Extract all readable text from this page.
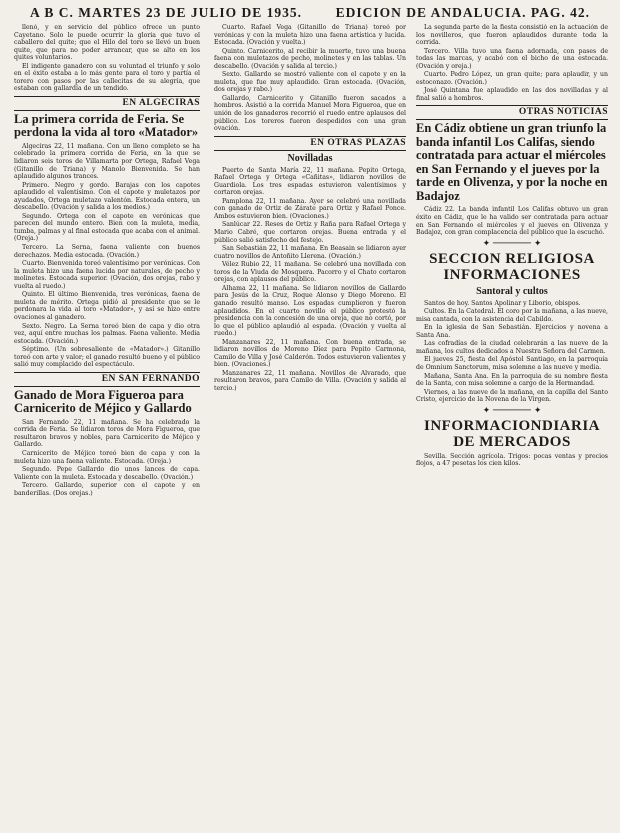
A B C. MARTES 23 DE JULIO DE 1935. EDICION DE ANDALUCIA. PAG. 42.

llenó, y en servicio del público ofrece un punto Cayetano. Solo le puede ocurrir la gloria que tuvo el caballero del quite; que el Hilo del toro se llevó un buen quite, que para no poder arrancar, que se alto en los quites voluntarios.

El indigente ganadero con su voluntad el triunfo y solo en el éxito estaba a lo más gente para el toro y partía el torero con pasos por las callecitas de su alegría, que estaban con gallardía de un tendido.

EN ALGECIRAS
La primera corrida de Feria. Se perdona la vida al toro «Matador»

Algeciras 22, 11 mañana. Con un lleno completo se ha celebrado la primera corrida de Feria, en la que se lidiaron seis toros de Villamarta por Ortega, Rafael Vega (Gitanillo de Triana) y Manolo Bienvenida. Se han aplaudido algunos trances.

Primero. Negro y gordo. Barajas con los capotes aplaudido el valentísimo. Con el capote y muletazos por ayudados, Ortega muletazo valentón. Estocada entera, un descabello. (Ovación y salida a los medios.)

Segundo. Ortega con el capote en verónicas que parecen del mundo entero. Bien con la muleta, media, tumba, palmas y al final estocada que acaba con el animal. (Oreja.)

Tercero. La Serna, faena valiente con buenos derechazos. Media estocada. (Ovación.)

Cuarto. Bienvenida toreó valentísimo por verónicas. Con la muleta hizo una faena lucida por naturales, de pecho y molinetes. Estocada superior. (Ovación, dos orejas, rabo y vuelta al ruedo.)

Quinto. El último Bienvenida, tres verónicas, faena de muleta de mérito. Ortega pidió al presidente que se le perdonara la vida al toro «Matador», y así se hizo entre ovaciones al ganadero.

Sexto. Negro. La Serna toreó bien de capa y dio otra vez, aquí entre muchas los palmas. Faena valiente. Media estocada. (Ovación.)

Séptimo. (Un sobresaliente de «Matador».) Gitanillo toreó con arte y valor; el ganado resultó bueno y el público salió muy complacido del espectáculo.

EN SAN FERNANDO
Ganado de Mora Figueroa para Carnicerito de Méjico y Gallardo

San Fernando 22, 11 mañana. Se ha celebrado la corrida de Feria. Se lidiaron toros de Mora Figueroa, que resultaron bravos y nobles, para Carnicerito de Méjico y Gallardo.

Carnicerito de Méjico toreó bien de capa y con la muleta hizo una faena valiente. Estocada. (Oreja.)

Segundo. Pepe Gallardo dio unos lances de capa. Valiente con la muleta. Estocada y descabello. (Ovación.)

Tercero. Gallardo, superior con el capote y en banderillas. (Dos orejas.)

Cuarto. Rafael Vega (Gitanillo de Triana) toreó por verónicas y con la muleta hizo una faena artística y lucida. Estocada. (Ovación y vuelta.)

Quinto. Carnicerito, al recibir la muerte, tuvo una buena faena con muletazos de pecho, molinetes y en las tablas. Un descabello. (Ovación y salida al tercio.)

Sexto. Gallardo se mostró valiente con el capote y en la muleta, que fue muy aplaudido. Gran estocada. (Ovación, dos orejas y rabo.)

Gallardo, Carnicerito y Gitanillo fueron sacados a hombros. Asistió a la corrida Manuel Mora Figueroa, que en unión de los ganaderos recorrió el ruedo entre aplausos del público. Los toreros fueron despedidos con una gran ovación.

EN OTRAS PLAZAS
Novilladas

Puerto de Santa María 22, 11 mañana. Pepito Ortega, Rafael Ortega y Ortega «Cañitas», lidiaron novillos de Guardiola. Los tres espadas estuvieron valentísimos y cortaron orejas.

Pamplona 22, 11 mañana. Ayer se celebró una novillada con ganado de Ortiz de Zárate para Ortiz y Rafael Ponce. Ambos estuvieron bien. (Ovaciones.)

Sanlúcar 22. Reses de Ortiz y Raña para Rafael Ortega y Mario Cabré, que cortaron orejas. Buena entrada y el público salió satisfecho del festejo.

San Sebastián 22, 11 mañana. En Beasain se lidiaron ayer cuatro novillos de Antoñito Llerena. (Ovación.)

Vélez Rubio 22, 11 mañana. Se celebró una novillada con toros de la Viuda de Mosquera. Pacorro y el Chato cortaron orejas, con aplausos del público.

Alhama 22, 11 mañana. Se lidiaron novillos de Gallardo para Jesús de la Cruz, Roque Alonso y Diego Moreno. El ganado resultó manso. Los espadas cumplieron y fueron aplaudidos. En el cuarto novillo el público protestó la presidencia con la concesión de una oreja, que no cortó, por lo que el público aplaudió al espada. (Ovación y vuelta al ruedo.)

Manzanares 22, 11 mañana. Con buena entrada, se lidiaron novillos de Moreno Díez para Pepito Carmona, Camilo de Villa y José Calderón. Todos estuvieron valientes y bien. (Ovaciones.)

Manzanares 22, 11 mañana. Novillos de Alvarado, que resultaron bravos, para Camilo de Villa. (Ovación y salida al tercio.)

La segunda parte de la fiesta consistió en la actuación de los novilleros, que fueron aplaudidos durante toda la corrida.

Tercero. Villa tuvo una faena adornada, con pases de todas las marcas, y acabó con el bicho de una estocada. (Ovación y oreja.)

Cuarto. Pedro López, un gran quite; para aplaudir, y un estoconazo. (Ovación.)

José Quintana fue aplaudido en las dos novilladas y al final salió a hombros.

OTRAS NOTICIAS
En Cádiz obtiene un gran triunfo la banda infantil Los Califas, siendo contratada para actuar el miércoles en San Fernando y el jueves por la tarde en Olivenza, y por la noche en Badajoz

Cádiz 22. La banda infantil Los Califas obtuvo un gran éxito en Cádiz, que le ha valido ser contratada para actuar en San Fernando el miércoles y el jueves en Olivenza y Badajoz, con gran complacencia del público que la escuchó.

✦ ─────── ✦
SECCION RELIGIOSA INFORMACIONES
Santoral y cultos

Santos de hoy. Santos Apolinar y Liborio, obispos.

Cultos. En la Catedral. El coro por la mañana, a las nueve, misa cantada, con la asistencia del Cabildo.

En la iglesia de San Sebastián. Ejercicios y novena a Santa Ana.

Las cofradías de la ciudad celebrarán a las nueve de la mañana, los cultos dedicados a Nuestra Señora del Carmen.

El jueves 25, fiesta del Apóstol Santiago, en la parroquia de Omnium Sanctorum, misa solemne a las nueve y media.

Mañana, Santa Ana. En la parroquia de su nombre fiesta de la Santa, con misa solemne a cargo de la Hermandad.

Viernes, a las nueve de la mañana, en la capilla del Santo Cristo, ejercicio de la Novena de la Virgen.

✦ ─────── ✦
INFORMACIONDIARIA DE MERCADOS

Sevilla. Sección agrícola. Trigos: pocas ventas y precios flojos, a 47 pesetas los cien kilos.
